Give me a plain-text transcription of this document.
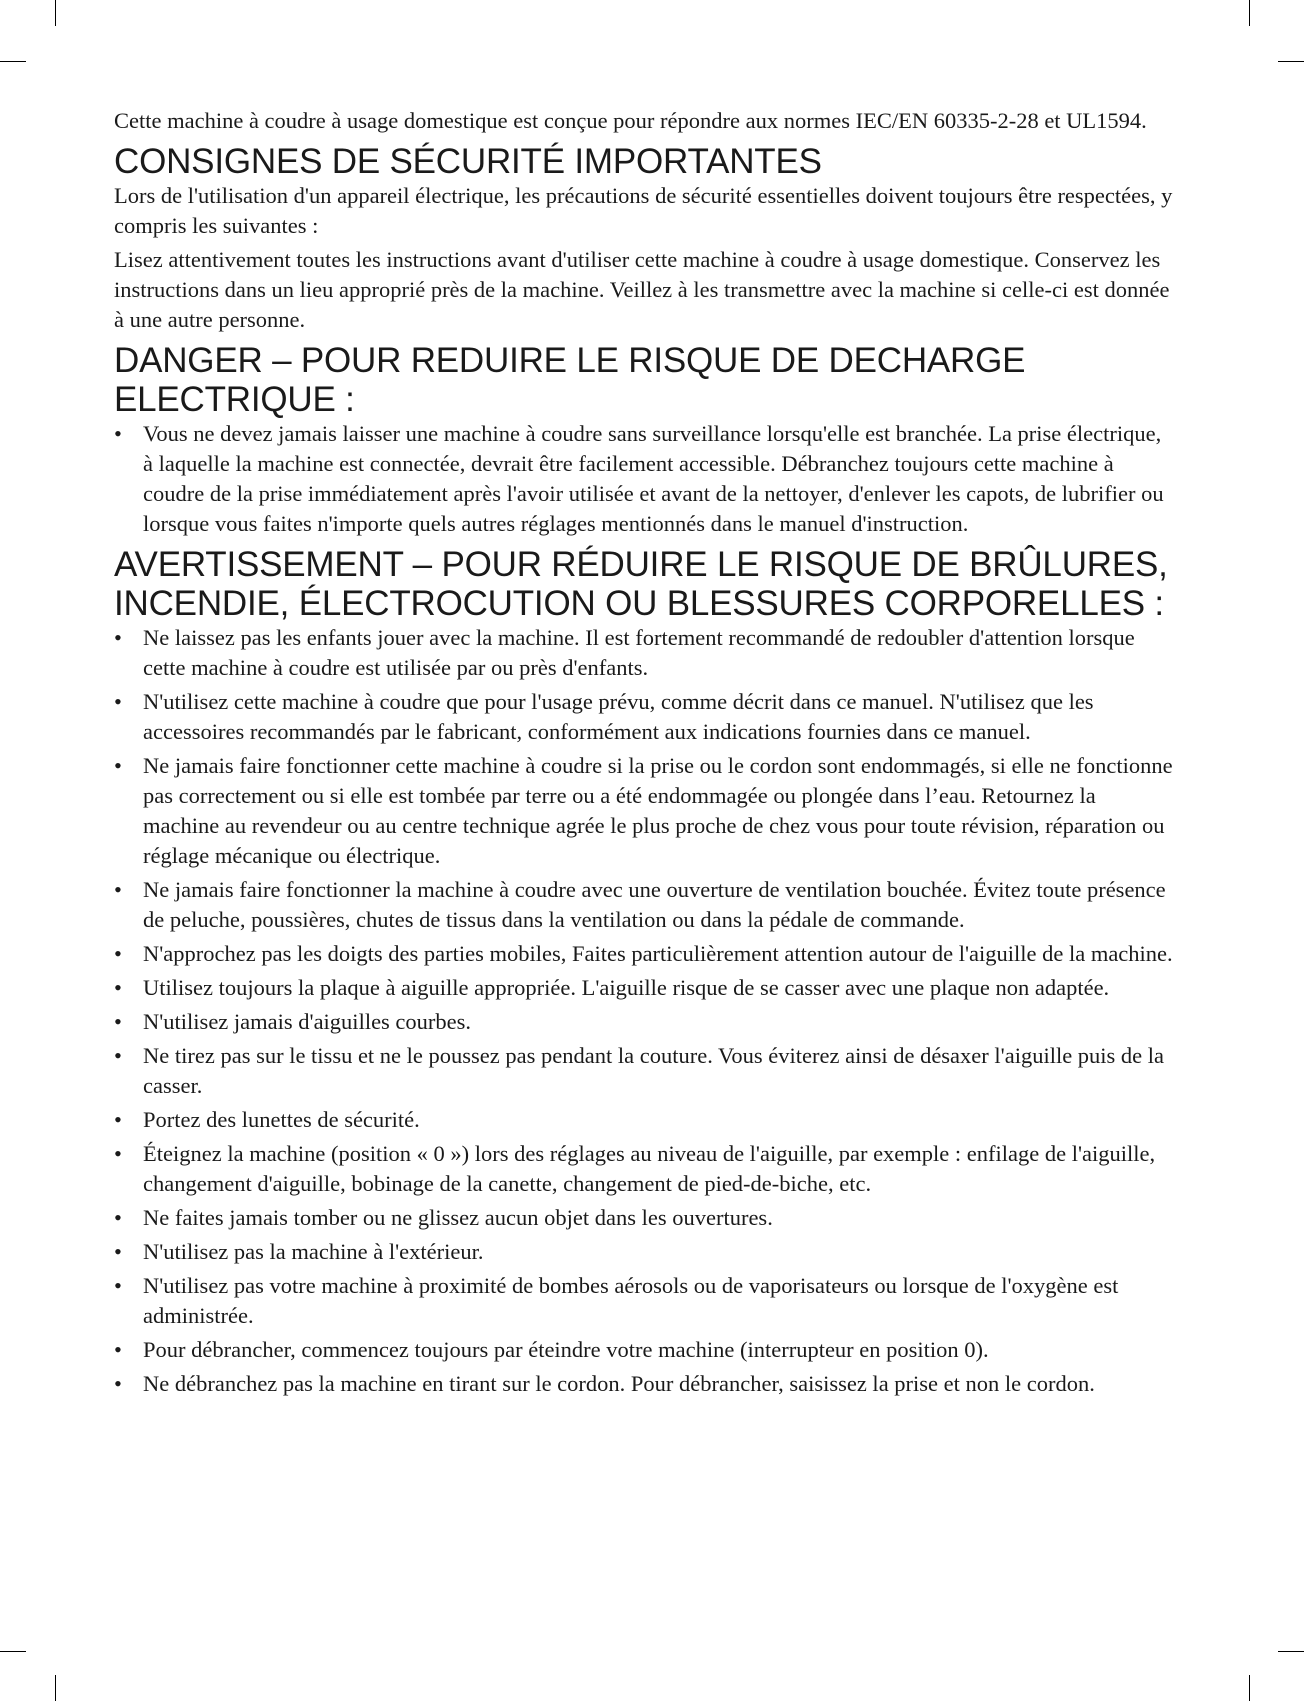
Cette machine à coudre à usage domestique est conçue pour répondre aux normes IEC/EN 60335-2-28 et UL1594.

CONSIGNES DE SÉCURITÉ IMPORTANTES

Lors de l'utilisation d'un appareil électrique, les précautions de sécurité essentielles doivent toujours être respectées, y compris les suivantes :

Lisez attentivement toutes les instructions avant d'utiliser cette machine à coudre à usage domestique. Conservez les instructions dans un lieu approprié près de la machine. Veillez à les transmettre avec la machine si celle-ci est donnée à une autre personne.

DANGER – POUR REDUIRE LE RISQUE DE DECHARGE ELECTRIQUE :
• Vous ne devez jamais laisser une machine à coudre sans surveillance lorsqu'elle est branchée. La prise électrique, à laquelle la machine est connectée, devrait être facilement accessible. Débranchez toujours cette machine à coudre de la prise immédiatement après l'avoir utilisée et avant de la nettoyer, d'enlever les capots, de lubrifier ou lorsque vous faites n'importe quels autres réglages mentionnés dans le manuel d'instruction.
AVERTISSEMENT – POUR RÉDUIRE LE RISQUE DE BRÛLURES, INCENDIE, ÉLECTROCUTION OU BLESSURES CORPORELLES :
• Ne laissez pas les enfants jouer avec la machine. Il est fortement recommandé de redoubler d'attention lorsque cette machine à coudre est utilisée par ou près d'enfants.
• N'utilisez cette machine à coudre que pour l'usage prévu, comme décrit dans ce manuel. N'utilisez que les accessoires recommandés par le fabricant, conformément aux indications fournies dans ce manuel.
• Ne jamais faire fonctionner cette machine à coudre si la prise ou le cordon sont endommagés, si elle ne fonctionne pas correctement ou si elle est tombée par terre ou a été endommagée ou plongée dans l’eau. Retournez la machine au revendeur ou au centre technique agrée le plus proche de chez vous pour toute révision, réparation ou réglage mécanique ou électrique.
• Ne jamais faire fonctionner la machine à coudre avec une ouverture de ventilation bouchée. Évitez toute présence de peluche, poussières, chutes de tissus dans la ventilation ou dans la pédale de commande.
• N'approchez pas les doigts des parties mobiles, Faites particulièrement attention autour de l'aiguille de la machine.
• Utilisez toujours la plaque à aiguille appropriée. L'aiguille risque de se casser avec une plaque non adaptée.
• N'utilisez jamais d'aiguilles courbes.
• Ne tirez pas sur le tissu et ne le poussez pas pendant la couture. Vous éviterez ainsi de désaxer l'aiguille puis de la casser.
• Portez des lunettes de sécurité.
• Éteignez la machine (position « 0 ») lors des réglages au niveau de l'aiguille, par exemple : enfilage de l'aiguille, changement d'aiguille, bobinage de la canette, changement de pied-de-biche, etc.
• Ne faites jamais tomber ou ne glissez aucun objet dans les ouvertures.
• N'utilisez pas la machine à l'extérieur.
• N'utilisez pas votre machine à proximité de bombes aérosols ou de vaporisateurs ou lorsque de l'oxygène est administrée.
• Pour débrancher, commencez toujours par éteindre votre machine (interrupteur en position 0).
• Ne débranchez pas la machine en tirant sur le cordon. Pour débrancher, saisissez la prise et non le cordon.
